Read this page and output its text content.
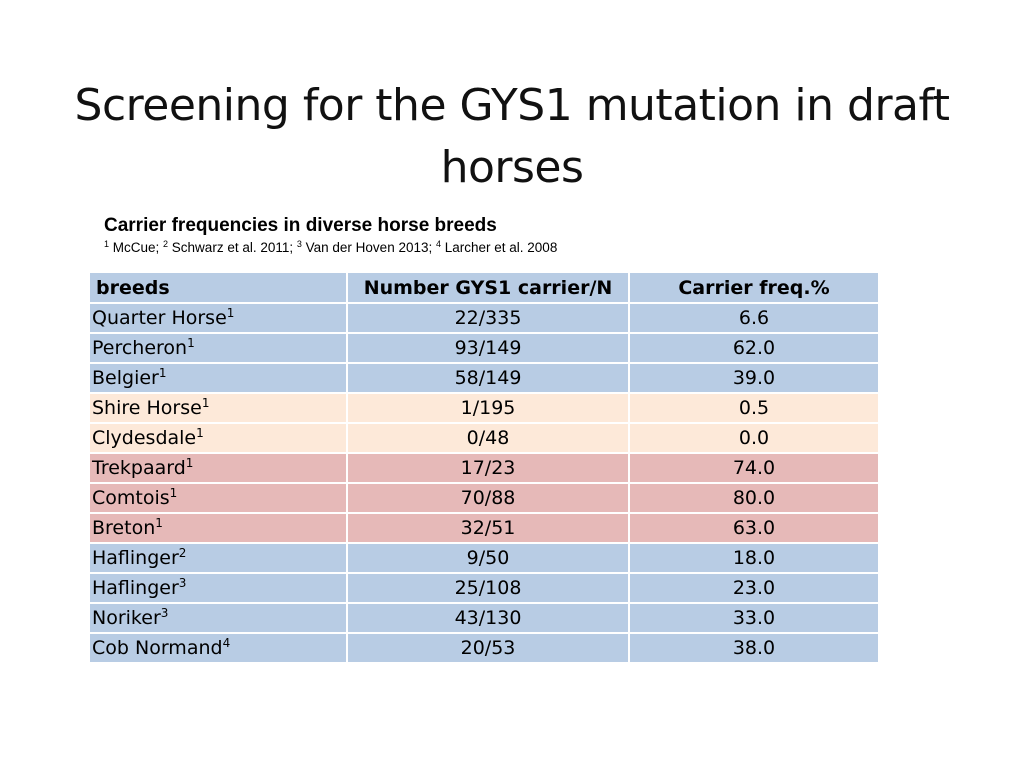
Screening for the GYS1 mutation in draft horses
Carrier frequencies in diverse horse breeds
$^1$ McCue; $^2$ Schwarz et al. 2011; $^3$ Van der Hoven 2013; $^4$ Larcher et al. 2008
breeds	Number GYS1 carrier/N	Carrier freq.%
Quarter Horse$^1$	22/335	6.6
Percheron$^1$	93/149	62.0
Belgier$^1$	58/149	39.0
Shire Horse$^1$	1/195	0.5
Clydesdale$^1$	0/48	0.0
Trekpaard$^1$	17/23	74.0
Comtois$^1$	70/88	80.0
Breton$^1$	32/51	63.0
Haflinger$^2$	9/50	18.0
Haflinger$^3$	25/108	23.0
Noriker$^3$	43/130	33.0
Cob Normand$^4$	20/53	38.0
